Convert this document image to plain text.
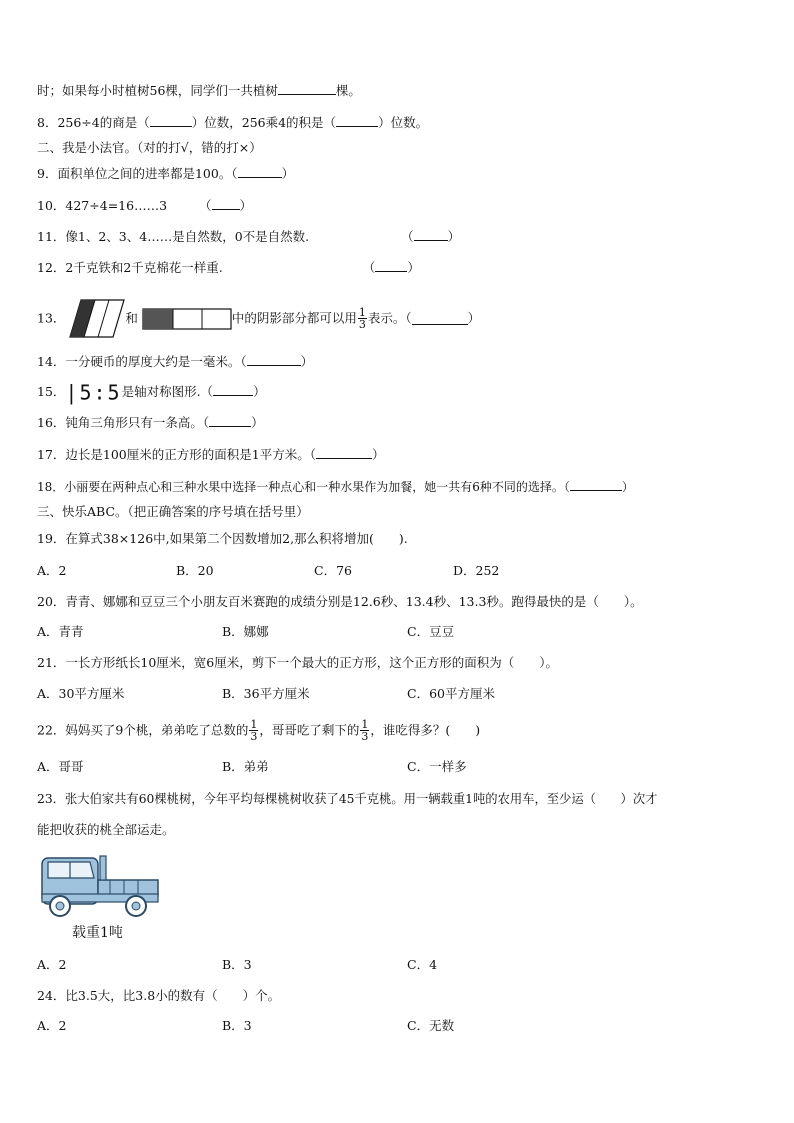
时；如果每小时植树56棵，同学们一共植树	棵。
8．256÷4的商是（	）位数，256乘4的积是（	）位数。
二、我是小法官。（对的打√，错的打×）
9．面积单位之间的进率都是100。（	）
10．427÷4=16……3	（ ）
11．像1、2、3、4……是自然数，0不是自然数.	（	）
12．2千克铁和2千克棉花一样重.	（	）
13．	和	中的阴影部分都可以用 $\frac{1}{3}$ 表示。（	）
14．一分硬币的厚度大约是一毫米。（	）
15．|5:5是轴对称图形.（	）
16．钝角三角形只有一条高。（	）
17．边长是100厘米的正方形的面积是1平方米。（	）
18．小丽要在两种点心和三种水果中选择一种点心和一种水果作为加餐，她一共有6种不同的选择。（	）
三、快乐ABC。（把正确答案的序号填在括号里）
19．在算式38×126中,如果第二个因数增加2,那么积将增加(　　).
A．2	B．20	C．76	D．252
20．青青、娜娜和豆豆三个小朋友百米赛跑的成绩分别是12.6秒、13.4秒、13.3秒。跑得最快的是（　　）。
A．青青	B．娜娜	C．豆豆
21．一长方形纸长10厘米，宽6厘米，剪下一个最大的正方形，这个正方形的面积为（　　）。
A．30平方厘米	B．36平方厘米	C．60平方厘米
22．妈妈买了9个桃，弟弟吃了总数的 $\frac{1}{3}$ ，哥哥吃了剩下的 $\frac{1}{3}$ ，谁吃得多？(　　)
A．哥哥	B．弟弟	C．一样多
23．张大伯家共有60棵桃树，今年平均每棵桃树收获了45千克桃。用一辆载重1吨的农用车，至少运（　　）次才
能把收获的桃全部运走。
载重1吨
A．2	B．3	C．4
24．比3.5大，比3.8小的数有（　　）个。
A．2	B．3	C．无数
